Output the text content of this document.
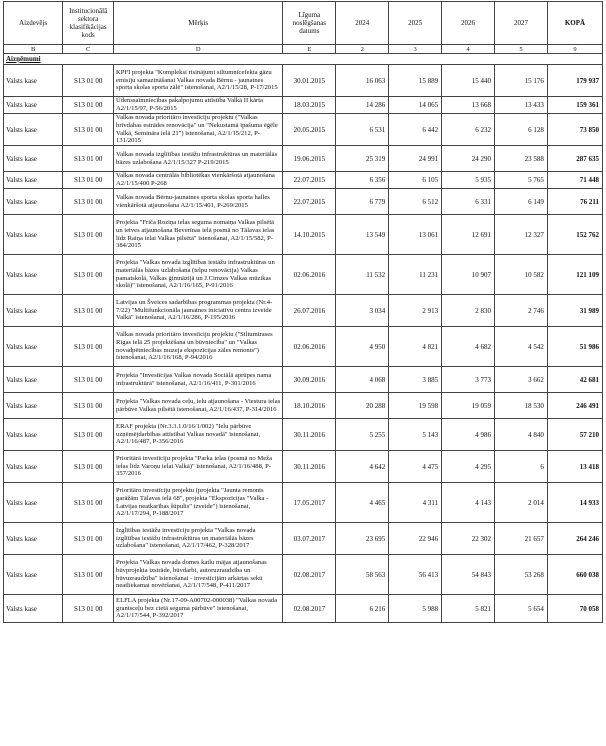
Aizdevējs	Institucionālā sektora klasifikācijas kods	Mērķis	Līguma noslēgšanas datums	2024	2025	2026	2027	KOPĀ
B	C	D	E	2	3	4	5	9
Aizņēmumi								
Valsts kase	S13 01 00	KPFI projekta "Kompleksi risinājumi siltumnīcefekta gāzu emisiju samazināšanai Valkas novada Bērnu - jaunatnes sporta skolas sporta zālē" īstenošanai, A2/1/15/28, P-17/2015	30.01.2015	16 063	15 889	15 440	15 176	179 937
Valsts kase	S13 01 00	Ūdenssaimniecības pakalpojumu attīstība Valkā II kārta A2/1/15/97, P-56/2015	18.03.2015	14 286	14 065	13 668	13 433	159 361
Valsts kase	S13 01 00	Valkas novada prioritāro investīciju projektu ("Valkas brīvdabas estrādes renovācija" un "Nekustamā īpašuma ēģēle Valkā, Semināra ielā 21") īstenošanai, A2/1/15/212, P-131/2015	20.05.2015	6 531	6 442	6 232	6 128	73 850
Valsts kase	S13 01 00	Valkas novada izglītības iestāžu infrastruktūras un materiālās bāzes uzlabošana A2/1/15/327 P-219/2015	19.06.2015	25 319	24 991	24 290	23 588	287 635
Valsts kase	S13 01 00	Valkas novada centrālās bibliotēkas vienkāršotā atjaunošana A2/1/15/400 P-268	22.07.2015	6 356	6 105	5 935	5 765	71 448
Valsts kase	S13 01 00	Valkas novada Bērnu-jaunatnes sporta skolas sporta halles vienkāršotā atjaunošana A2/1/15/401, P-269/2015	22.07.2015	6 779	6 512	6 331	6 149	76 211
Valsts kase	S13 01 00	Projekta "Friča Roziņa ielas seguma nomaiņa Valkas pilsētā un ietves atjaunošana Beverīnas ielā posmā no Tālavas ielas līdz Raiņa ielai Valkas pilsētā" īstenošanai, A2/1/15/582, P-384/2015	14.10.2015	13 549	13 061	12 691	12 327	152 762
Valsts kase	S13 01 00	Projekta "Valkas novada izglītības iestāžu infrastruktūras un materiālās bāzes uzlabošana (telpu renovācija) Valkas pamatskolā, Valkas ģimnāzijā un J.Cimzes Valkas mūzikas skolā)" īstenošanai, A2/1/16/165, P-91/2016	02.06.2016	11 532	11 231	10 907	10 582	121 109
Valsts kase	S13 01 00	Latvijas un Šveices sadarbības programmas projekta (Nr.4-7/22) "Multifunkcionāla jaunatnes iniciatīvu centra izveide Valkā" īstenošanai, A2/1/16/286, P-195/2016	26.07.2016	3 034	2 913	2 830	2 746	31 989
Valsts kase	S13 01 00	Valkas novada prioritāro investīciju projektu ("Siltumtrases Rīgas ielā 25 projektēšana un būvniecība" un "Valkas novadpētniecības muzeja ekspozīcijas zāles remonts") īstenošanai, A2/1/16/168, P-94/2016	02.06.2016	4 950	4 821	4 682	4 542	51 986
Valsts kase	S13 01 00	Projekta "Investīcijas Valkas novada Sociālā aprūpes nama infrastruktūrā" īstenošanai, A2/1/16/411, P-301/2016	30.09.2016	4 068	3 885	3 773	3 662	42 681
Valsts kase	S13 01 00	Projekta "Valkas novada ceļu, ielu atjaunošana - Viestura ielas pārbūve Valkas pilsētā īstenošanai, A2/1/16/437, P-314/2016	18.10.2016	20 288	19 598	19 059	18 530	246 491
Valsts kase	S13 01 00	ERAF projekta (Nr.3.3.1.0/16/1/002) "Ielu pārbūve uzņēmējdarbības attīstībai Valkas novadā" īstenošanai, A2/1/16/487, P-356/2016	30.11.2016	5 255	5 143	4 986	4 840	57 210
Valsts kase	S13 01 00	Prioritārā investīciju projekta "Parka ielas (posmā no Meža ielas līdz Varoņu ielai Valkā)" īstenošanai, A2/1/16/488, P-357/2016	30.11.2016	4 642	4 475	4 295	6	13 418
Valsts kase	S13 01 00	Prioritāro investīciju projektu (projekta "Jaunta remonts garāžām Tālavas ielā 68", projekta "Ekspozīcijas "Valka - Latvijas neatkarības šūpulis" izveide") īstenošanai, A2/1/17/294, P-188/2017	17.05.2017	4 465	4 311	4 143	2 014	14 933
Valsts kase	S13 01 00	Izglītības iestāžu investīciju projekta "Valkas novada izglītības iestāžu infrastruktūras un materiālās bāzes uzlabošana" īstenošanai, A2/1/17/462, P-328/2017	03.07.2017	23 695	22 946	22 302	21 657	264 246
Valsts kase	S13 01 00	Projekta "Valkas novada domes katlu mājas atjaunošanas būvprojekta izstrāde, būvdarbi, autoruzraudzība un būvuzraudzība" īstenošanai - investīcijām arkārtas sekū neatliekamai novēršanai, A2/1/17/548, P-411/2017	02.08.2017	58 563	56 413	54 843	53 268	660 038
Valsts kase	S13 01 00	ELFLA projekta (Nr.17-09-A00702-000038) "Valkas novada grantsceļu bez cietā seguma pārbūve" īstenošanai, A2/1/17/544, P-392/2017	02.08.2017	6 216	5 988	5 821	5 654	70 058
